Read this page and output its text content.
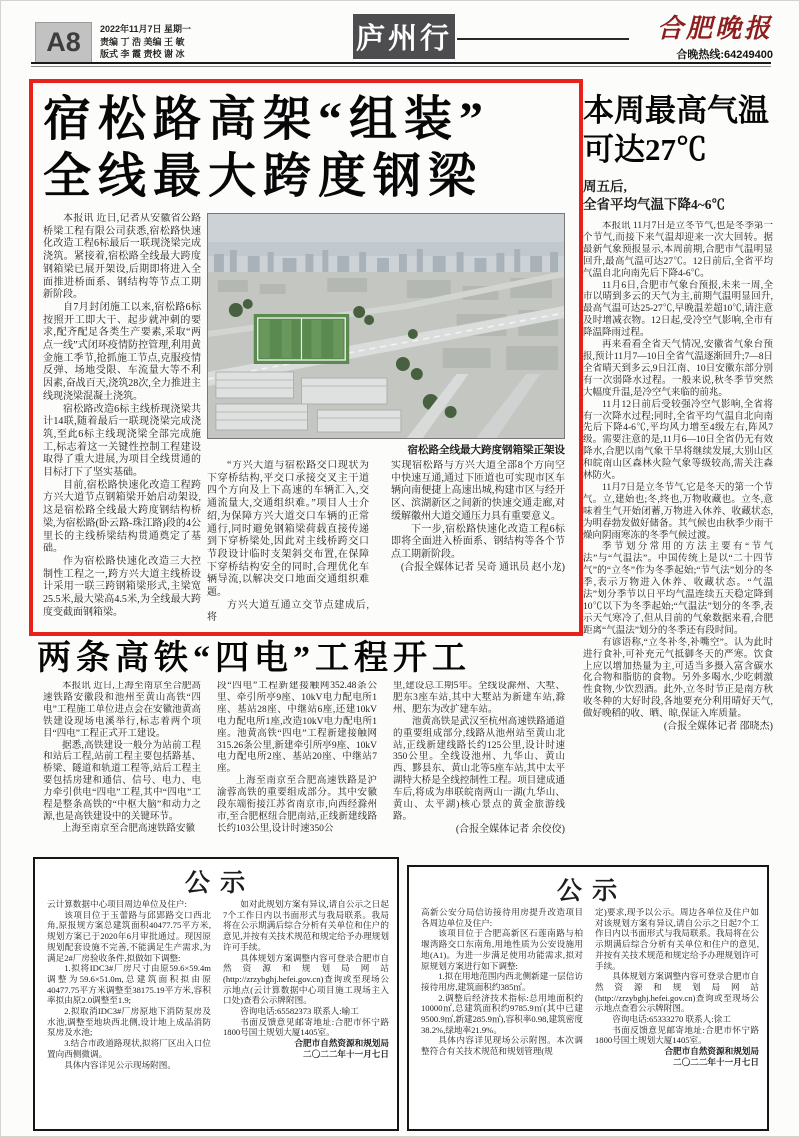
A8 2022年11月7日 星期一

责编 丁 浩 美编 王 敏

版式 李 霞 责校 谢 冰	庐州行	合肥晚报
合晚热线:64249400
宿松路高架“组装”
全线最大跨度钢梁

本报讯 近日,记者从安徽省公路桥梁工程有限公司获悉,宿松路快速化改造工程6标最后一联现浇梁完成浇筑。紧接着,宿松路全线最大跨度钢箱梁已展开架设,后期即将进入全面推进桥面系、钢结构等节点工期新阶段。

自7月封闭施工以来,宿松路6标按照开工即大干、起步就冲刺的要求,配齐配足各类生产要素,采取“两点一线”式闭环疫情防控管理,利用黄金施工季节,抢抓施工节点,克服疫情反弹、场地受限、车流量大等不利因素,奋战百天,浇筑28次,全力推进主线现浇梁混凝土浇筑。

宿松路改造6标主线桥现浇梁共计14联,随着最后一联现浇梁完成浇筑,至此6标主线现浇梁全部完成施工,标志着这一关键性控制工程建设取得了重大进展,为项目全线贯通的目标打下了坚实基础。

目前,宿松路快速化改造工程跨方兴大道节点钢箱梁开始启动架设,这是宿松路全线最大跨度钢结构桥梁,为宿松路(卧云路-珠江路)段的4公里长的主线桥梁结构贯通奠定了基础。

作为宿松路快速化改造三大控制性工程之一,跨方兴大道主线桥设计采用一联三跨钢箱梁形式,主梁宽25.5米,最大梁高4.5米,为全线最大跨度变截面钢箱梁。

宿松路全线最大跨度钢箱梁正架设

“方兴大道与宿松路交口现状为下穿桥结构,平交口承接交叉主干道四个方向及上下高速的车辆汇入,交通流量大,交通组织难。”项目人士介绍,为保障方兴大道交口车辆的正常通行,同时避免钢箱梁荷载直接传递到下穿桥梁处,因此对主线桥跨交口节段设计临时支架斜交布置,在保障下穿桥结构安全的同时,合理优化车辆导流,以解决交口地面交通组织难题。

方兴大道互通立交节点建成后,将

实现宿松路与方兴大道全部8个方向空中快速互通,通过下匝道也可实现市区车辆向南便捷上高速出城,构建市区与经开区、滨湖新区之间新的快速交通走廊,对缓解徽州大道交通压力具有重要意义。

下一步,宿松路快速化改造工程6标即将全面进入桥面系、钢结构等各个节点工期新阶段。

(合报全媒体记者 吴奇 通讯员 赵小龙)

本周最高气温
可达27℃
周五后,
全省平均气温下降4~6℃

本报讯 11月7日是立冬节气,也是冬季第一个节气,而接下来气温却迎来一次大回转。据最新气象预报显示,本周前期,合肥市气温明显回升,最高气温可达27℃。12日前后,全省平均气温自北向南先后下降4-6℃。

11月6日,合肥市气象台预报,未来一周,全市以晴到多云的天气为主,前期气温明显回升,最高气温可达25-27℃,早晚温差超10℃,请注意及时增减衣物。12日起,受冷空气影响,全市有降温降雨过程。

再来看看全省天气情况,安徽省气象台预报,预计11月7—10日全省气温逐渐回升;7—8日全省晴天到多云,9日江南、10日安徽东部分别有一次弱降水过程。一般来说,秋冬季节突然大幅度升温,是冷空气来临的前兆。

11月12日前后受较强冷空气影响,全省将有一次降水过程;同时,全省平均气温自北向南先后下降4-6℃,平均风力增至4级左右,阵风7级。需要注意的是,11月6—10日全省仍无有效降水,合肥以南气象干旱将继续发展,大别山区和皖南山区森林火险气象等级较高,需关注森林防火。

11月7日是立冬节气,它是冬天的第一个节气。立,建始也;冬,终也,万物收藏也。立冬,意味着生气开始闭蓄,万物进入休养、收藏状态,为明春勃发做好储备。其气候也由秋季少雨干燥向阴雨寒冻的冬季气候过渡。

季节划分常用的方法主要有“节气法”与“气温法”。中国传统上是以“二十四节气”的“立冬”作为冬季起始;“节气法”划分的冬季,表示万物进入休养、收藏状态。“气温法”划分季节以日平均气温连续五天稳定降到10℃以下为冬季起始;“气温法”划分的冬季,表示天气寒冷了,但从目前的气象数据来看,合肥距离“气温法”划分的冬季还有段时间。

有谚语称,“立冬补冬,补嘴空”。认为此时进行食补,可补充元气抵御冬天的严寒。饮食上应以增加热量为主,可适当多摄入富含碳水化合物和脂肪的食物。另外多喝水,少吃刺激性食物,少饮烈酒。此外,立冬时节正是南方秋收冬种的大好时段,各地要充分利用晴好天气,做好晚稻的收、晒、晾,保证入库质量。

(合报全媒体记者 邵晓杰)

两条高铁“四电”工程开工

本报讯 近日,上海至南京至合肥高速铁路安徽段和池州至黄山高铁“四电”工程施工单位进点会在安徽池黄高铁建设现场电溪举行,标志着两个项目“四电”工程正式开工建设。

据悉,高铁建设一般分为站前工程和站后工程,站前工程主要包括路基、桥梁、隧道和轨道工程等,站后工程主要包括房建和通信、信号、电力、电力牵引供电“四电”工程,其中“四电”工程是整条高铁的“中枢大脑”和动力之源,也是高铁建设中的关键环节。

上海至南京至合肥高速铁路安徽

段“四电”工程新建接触网352.48条公里、牵引所亭9座、10kV电力配电所1座、基站28座、中继站6座,还建10kV电力配电所1座,改造10kV电力配电所1座。池黄高铁“四电”工程新建接触网315.26条公里,新建牵引所亭9座、10kV电力配电所2座、基站20座、中继站7座。

上海至南京至合肥高速铁路是沪渝蓉高铁的重要组成部分。其中安徽段东端衔接江苏省南京市,向西经滁州市,至合肥枢纽合肥南站,正线新建线路长约103公里,设计时速350公

里,建设总工期5年。全线设滁州、大墅、肥东3座车站,其中大墅站为新建车站,滁州、肥东为改扩建车站。

池黄高铁是武汉至杭州高速铁路通道的重要组成部分,线路从池州站至黄山北站,正线新建线路长约125公里,设计时速350公里。全线设池州、九华山、黄山西、黟县东、黄山北等5座车站,其中太平湖特大桥是全线控制性工程。项目建成通车后,将成为串联皖南两山一湖(九华山、黄山、太平湖)核心景点的黄金旅游线路。

(合报全媒体记者 余佼佼)

公 示

云计算数据中心项目周边单位及住户:

该项目位于玉蕾路与邱郢路交口西北角,原报规方案总建筑面积40477.75平方米,规划方案已于2020年6月审批通过。现因原规划配套设施不完善,不能满足生产需求,为满足2#厂房验收条件,拟做如下调整:

1.拟将IDC3#厂房尺寸由原59.6×59.4m调整为59.6×51.0m,总建筑面积拟由原40477.75平方米调整至38175.19平方米,容积率拟由原2.0调整至1.9;

2.拟取消IDC3#厂房原地下消防泵房及水池,调整至地块西北侧,设计地上成品消防泵房及水池;

3.结合市政道路现状,拟将厂区出入口位置向西侧微调。

具体内容详见公示现场附图。

如对此规划方案有异议,请自公示之日起7个工作日内以书面形式与我局联系。我局将在公示期满后综合分析有关单位和住户的意见,并按有关技术规范和规定给予办理规划许可手续。

具体规划方案调整内容可登录合肥市自然资源和规划局网站(http://zrzybghj.hefei.gov.cn)查询或至现场公示地点(云计算数据中心项目施工现场主入口处)查看公示牌附图。

咨询电话:65582373 联系人:喻工

书面反馈意见邮寄地址:合肥市怀宁路1800号国土规划大厦1405室。

合肥市自然资源和规划局

二〇二二年十一月七日

公 示

高新公安分局信访接待用房提升改造项目各周边单位及住户:

该项目位于合肥高新区石莲南路与柏堰湾路交口东南角,用地性质为公安设施用地(A1)。为进一步满足使用功能需求,拟对原规划方案进行如下调整:

1.拟在用地范围内西北侧新建一层信访接待用房,建筑面积约385㎡。

2.调整后经济技术指标:总用地面积约10000㎡,总建筑面积约9785.9㎡(其中已建9500.9㎡,新建285.9㎡),容积率0.98,建筑密度38.2%,绿地率21.9%。

具体内容详见现场公示附图。本次调整符合有关技术规范和规划管理(规

定)要求,现予以公示。周边各单位及住户如对该规划方案有异议,请自公示之日起7个工作日内以书面形式与我局联系。我局将在公示期满后综合分析有关单位和住户的意见,并按有关技术规范和规定给予办理规划许可手续。

具体规划方案调整内容可登录合肥市自然资源和规划局网站(http://zrzybghj.hefei.gov.cn)查询或至现场公示地点查看公示牌附图。

咨询电话:65333270 联系人:徐工

书面反馈意见邮寄地址:合肥市怀宁路1800号国土规划大厦1405室。

合肥市自然资源和规划局

二〇二二年十一月七日
